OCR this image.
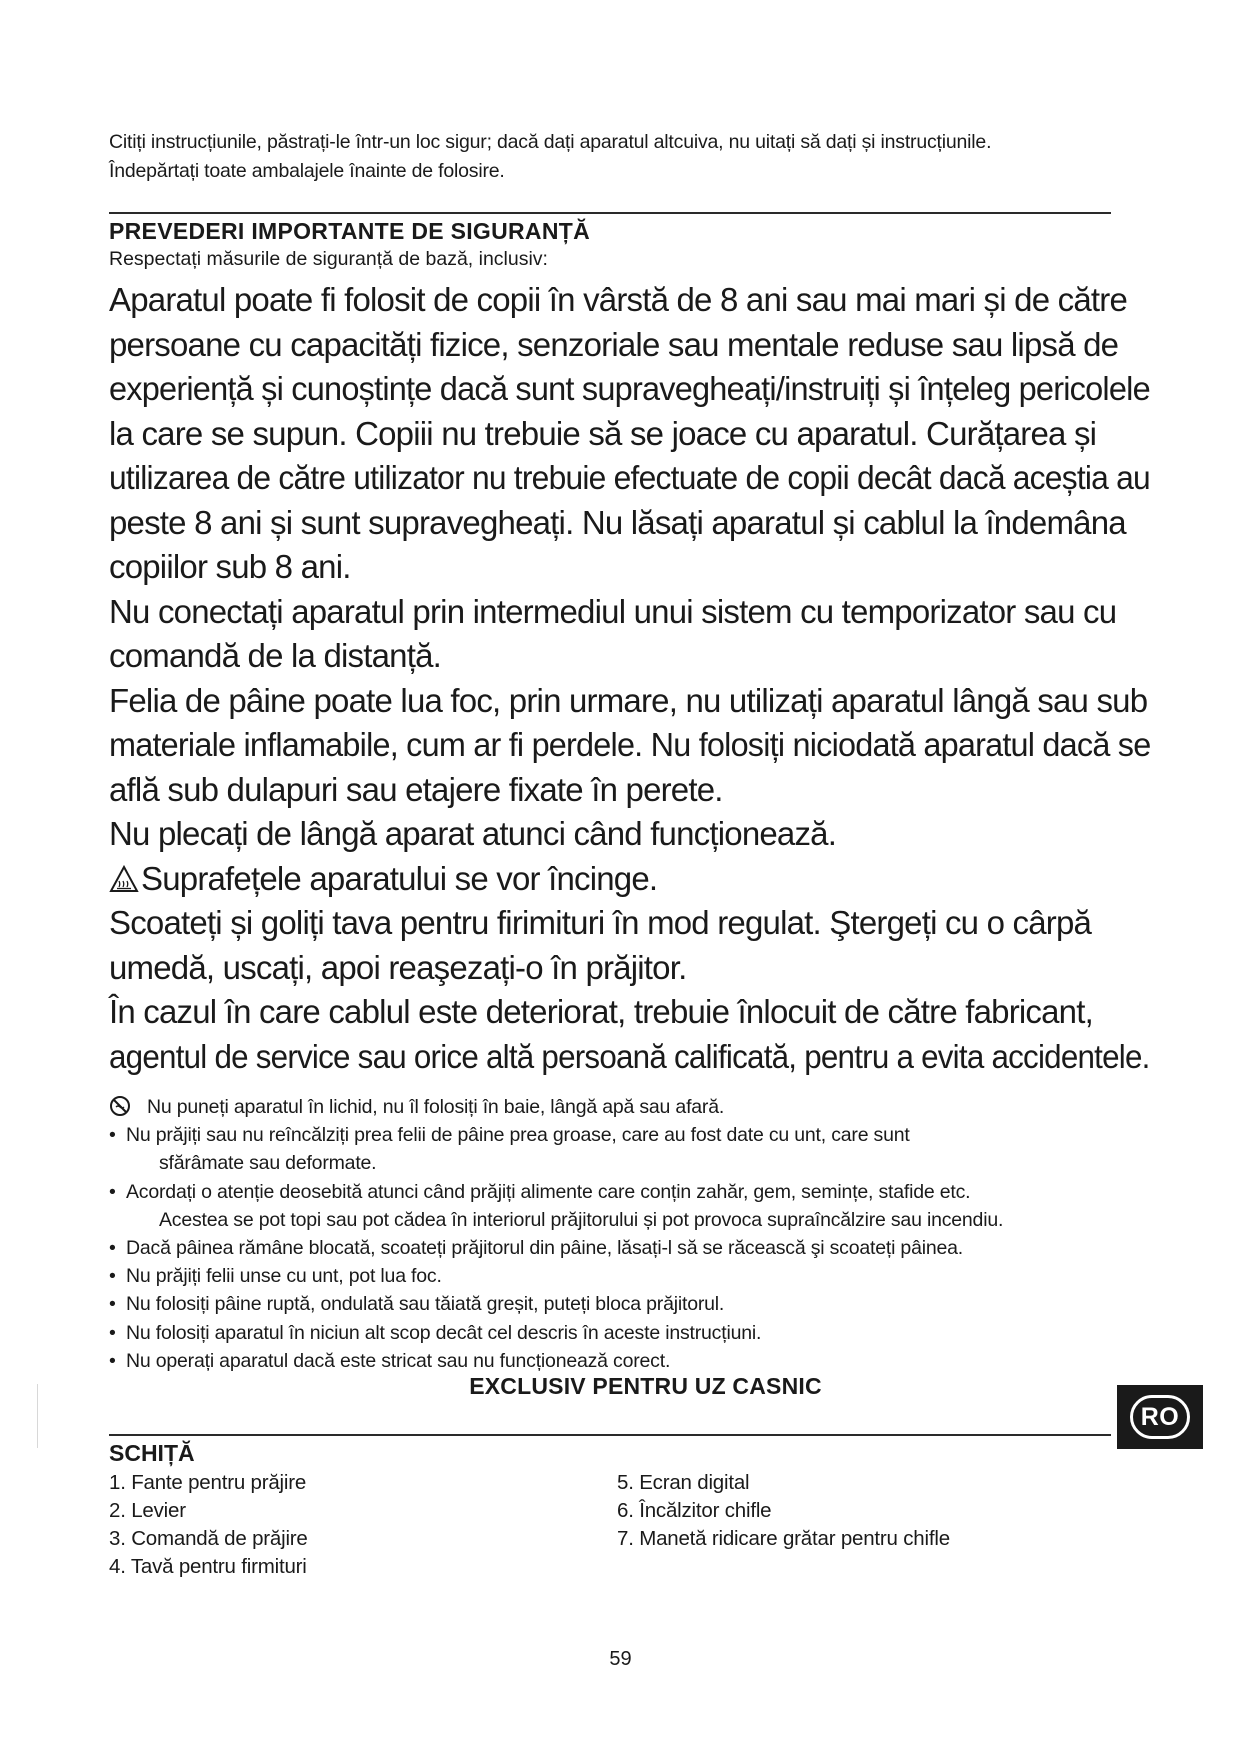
Citiți instrucțiunile, păstrați-le într-un loc sigur; dacă dați aparatul altcuiva, nu uitați să dați și instrucțiunile.
Îndepărtați toate ambalajele înainte de folosire.
PREVEDERI IMPORTANTE DE SIGURANȚĂ
Respectați măsurile de siguranță de bază, inclusiv:
Aparatul poate fi folosit de copii în vârstă de 8 ani sau mai mari și de către
persoane cu capacități fizice, senzoriale sau mentale reduse sau lipsă de
experiență și cunoștințe dacă sunt supravegheați/instruiți și înțeleg pericolele
la care se supun. Copiii nu trebuie să se joace cu aparatul. Curățarea și
utilizarea de către utilizator nu trebuie efectuate de copii decât dacă aceștia au
peste 8 ani și sunt supravegheați. Nu lăsați aparatul și cablul la îndemâna
copiilor sub 8 ani.
Nu conectați aparatul prin intermediul unui sistem cu temporizator sau cu
comandă de la distanță.
Felia de pâine poate lua foc, prin urmare, nu utilizați aparatul lângă sau sub
materiale inflamabile, cum ar fi perdele. Nu folosiți niciodată aparatul dacă se
află sub dulapuri sau etajere fixate în perete.
Nu plecați de lângă aparat atunci când funcționează.
Suprafețele aparatului se vor încinge.
Scoateți și goliți tava pentru firimituri în mod regulat. Ştergeți cu o cârpă
umedă, uscați, apoi reaşezați-o în prăjitor.
În cazul în care cablul este deteriorat, trebuie înlocuit de către fabricant,
agentul de service sau orice altă persoană calificată, pentru a evita accidentele.
Nu puneți aparatul în lichid, nu îl folosiți în baie, lângă apă sau afară.
• Nu prăjiți sau nu reîncălziți prea felii de pâine prea groase, care au fost date cu unt, care sunt
sfărâmate sau deformate.
• Acordați o atenție deosebită atunci când prăjiți alimente care conțin zahăr, gem, semințe, stafide etc.
Acestea se pot topi sau pot cădea în interiorul prăjitorului și pot provoca supraîncălzire sau incendiu.
• Dacă pâinea rămâne blocată, scoateți prăjitorul din pâine, lăsați-l să se răcească şi scoateți pâinea.
• Nu prăjiți felii unse cu unt, pot lua foc.
• Nu folosiți pâine ruptă, ondulată sau tăiată greșit, puteți bloca prăjitorul.
• Nu folosiți aparatul în niciun alt scop decât cel descris în aceste instrucțiuni.
• Nu operați aparatul dacă este stricat sau nu funcționează corect.
EXCLUSIV PENTRU UZ CASNIC
RO
SCHIȚĂ
1. Fante pentru prăjire
2. Levier
3. Comandă de prăjire
4. Tavă pentru firmituri
5. Ecran digital
6. Încălzitor chifle
7. Manetă ridicare grătar pentru chifle
59
